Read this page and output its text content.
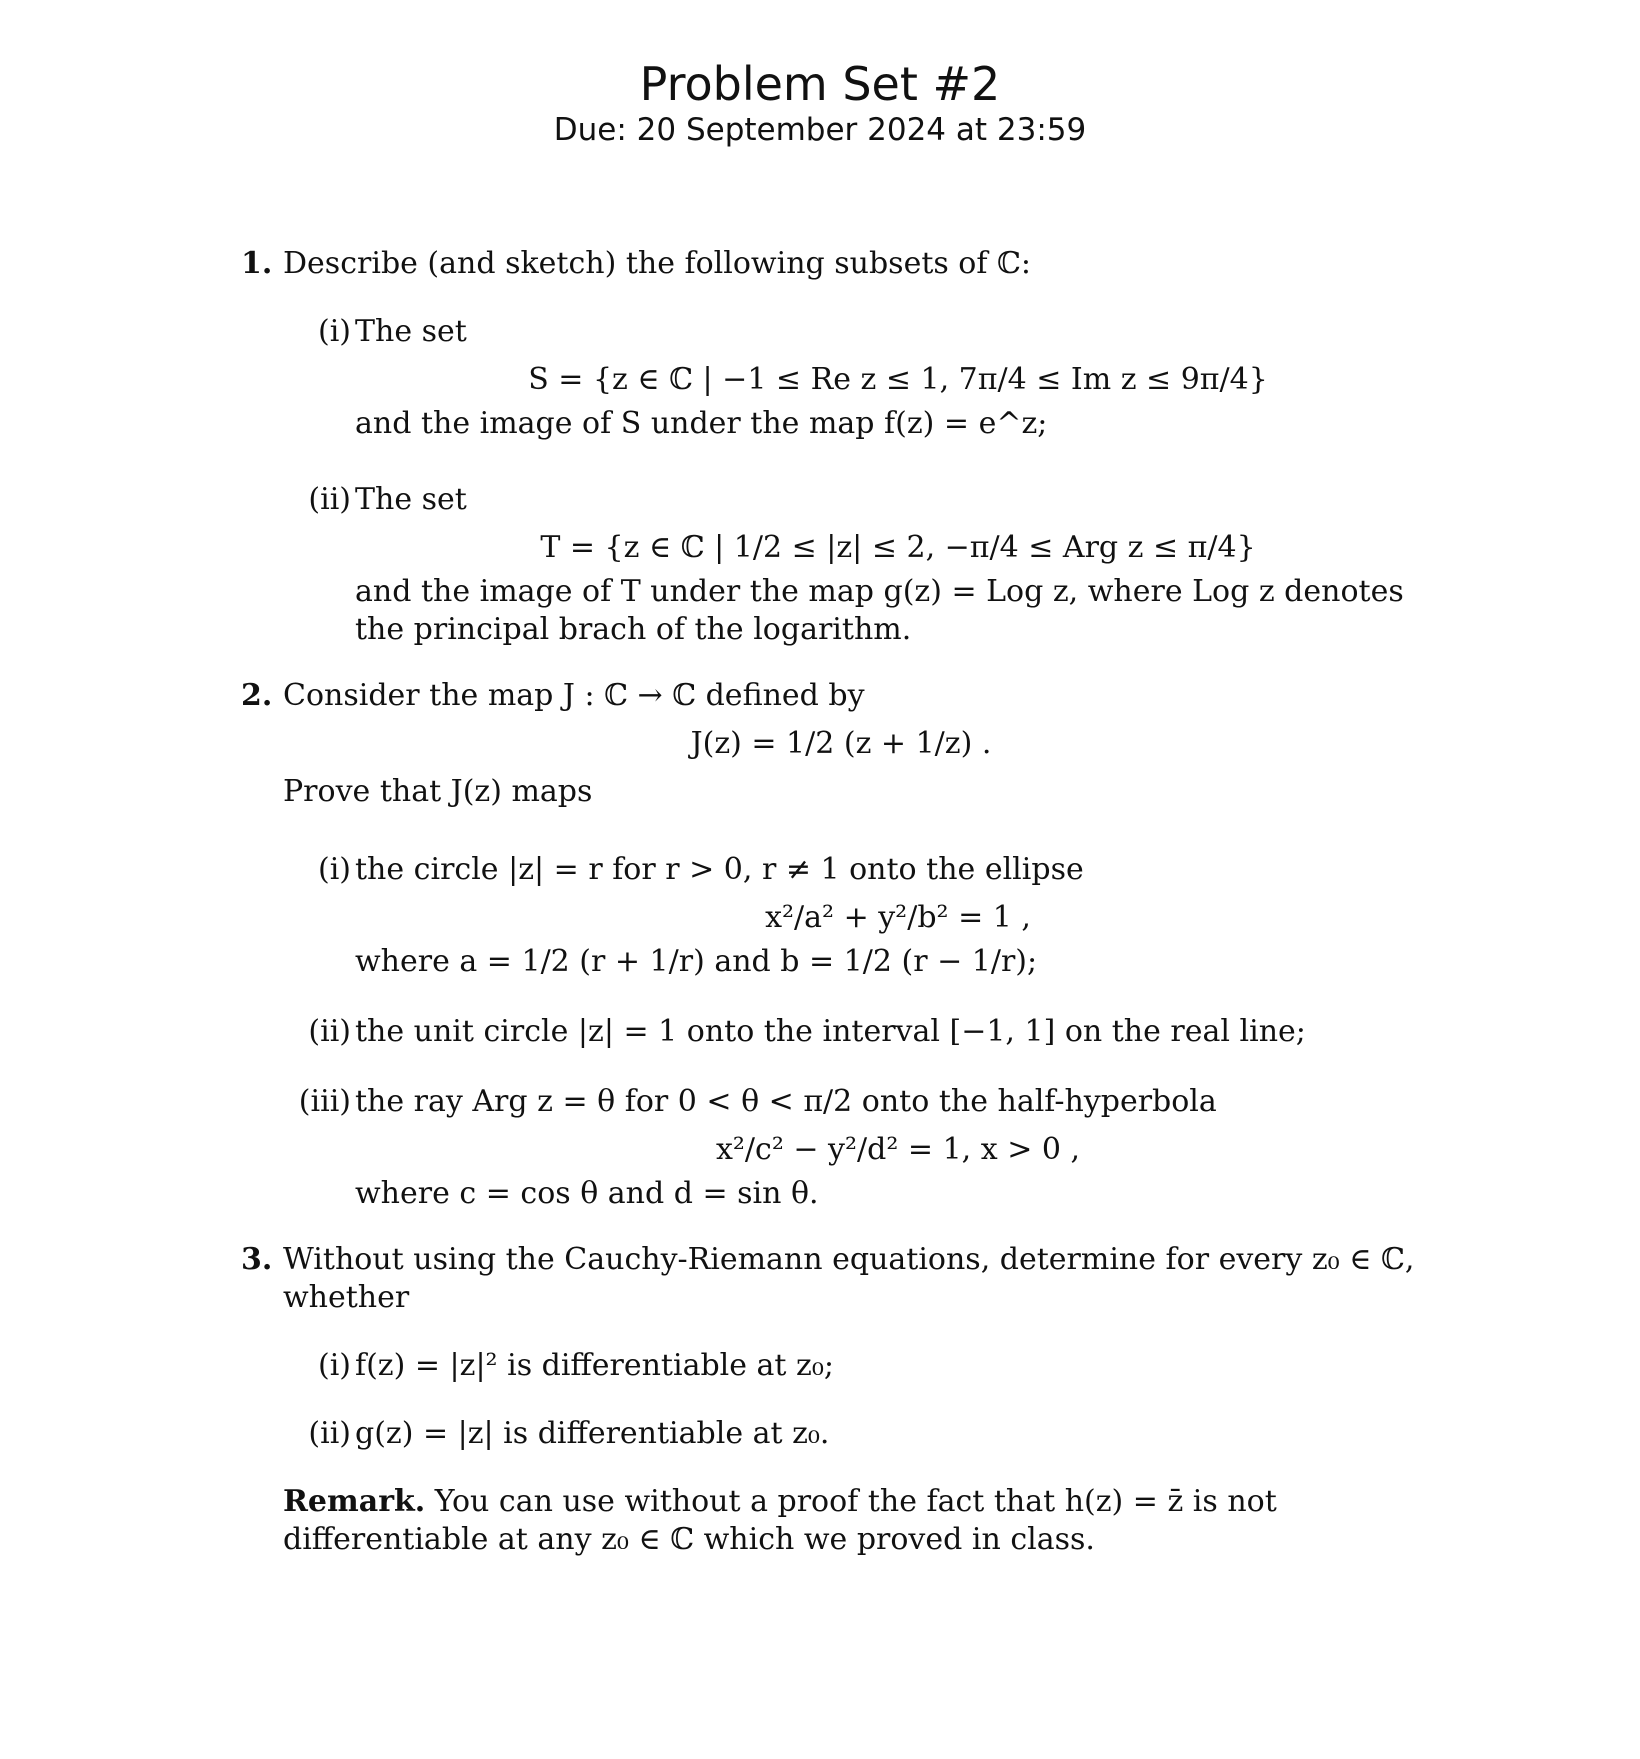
Problem Set #2
Due: 20 September 2024 at 23:59
1. Describe (and sketch) the following subsets of ℂ:
(i) The set
S = {z ∈ ℂ | −1 ≤ Re z ≤ 1, 7π/4 ≤ Im z ≤ 9π/4}
and the image of S under the map f(z) = e^z;
(ii) The set
T = {z ∈ ℂ | 1/2 ≤ |z| ≤ 2, −π/4 ≤ Arg z ≤ π/4}
and the image of T under the map g(z) = Log z, where Log z denotes the principal brach of the logarithm.
2. Consider the map J : ℂ → ℂ defined by
J(z) = 1/2 (z + 1/z) .
Prove that J(z) maps
(i) the circle |z| = r for r > 0, r ≠ 1 onto the ellipse
x²/a² + y²/b² = 1 ,
where a = 1/2 (r + 1/r) and b = 1/2 (r − 1/r);
(ii) the unit circle |z| = 1 onto the interval [−1, 1] on the real line;
(iii) the ray Arg z = θ for 0 < θ < π/2 onto the half-hyperbola
x²/c² − y²/d² = 1, x > 0 ,
where c = cos θ and d = sin θ.
3. Without using the Cauchy-Riemann equations, determine for every z₀ ∈ ℂ, whether
(i) f(z) = |z|² is differentiable at z₀;
(ii) g(z) = |z| is differentiable at z₀.
Remark. You can use without a proof the fact that h(z) = z̄ is not differentiable at any z₀ ∈ ℂ which we proved in class.
